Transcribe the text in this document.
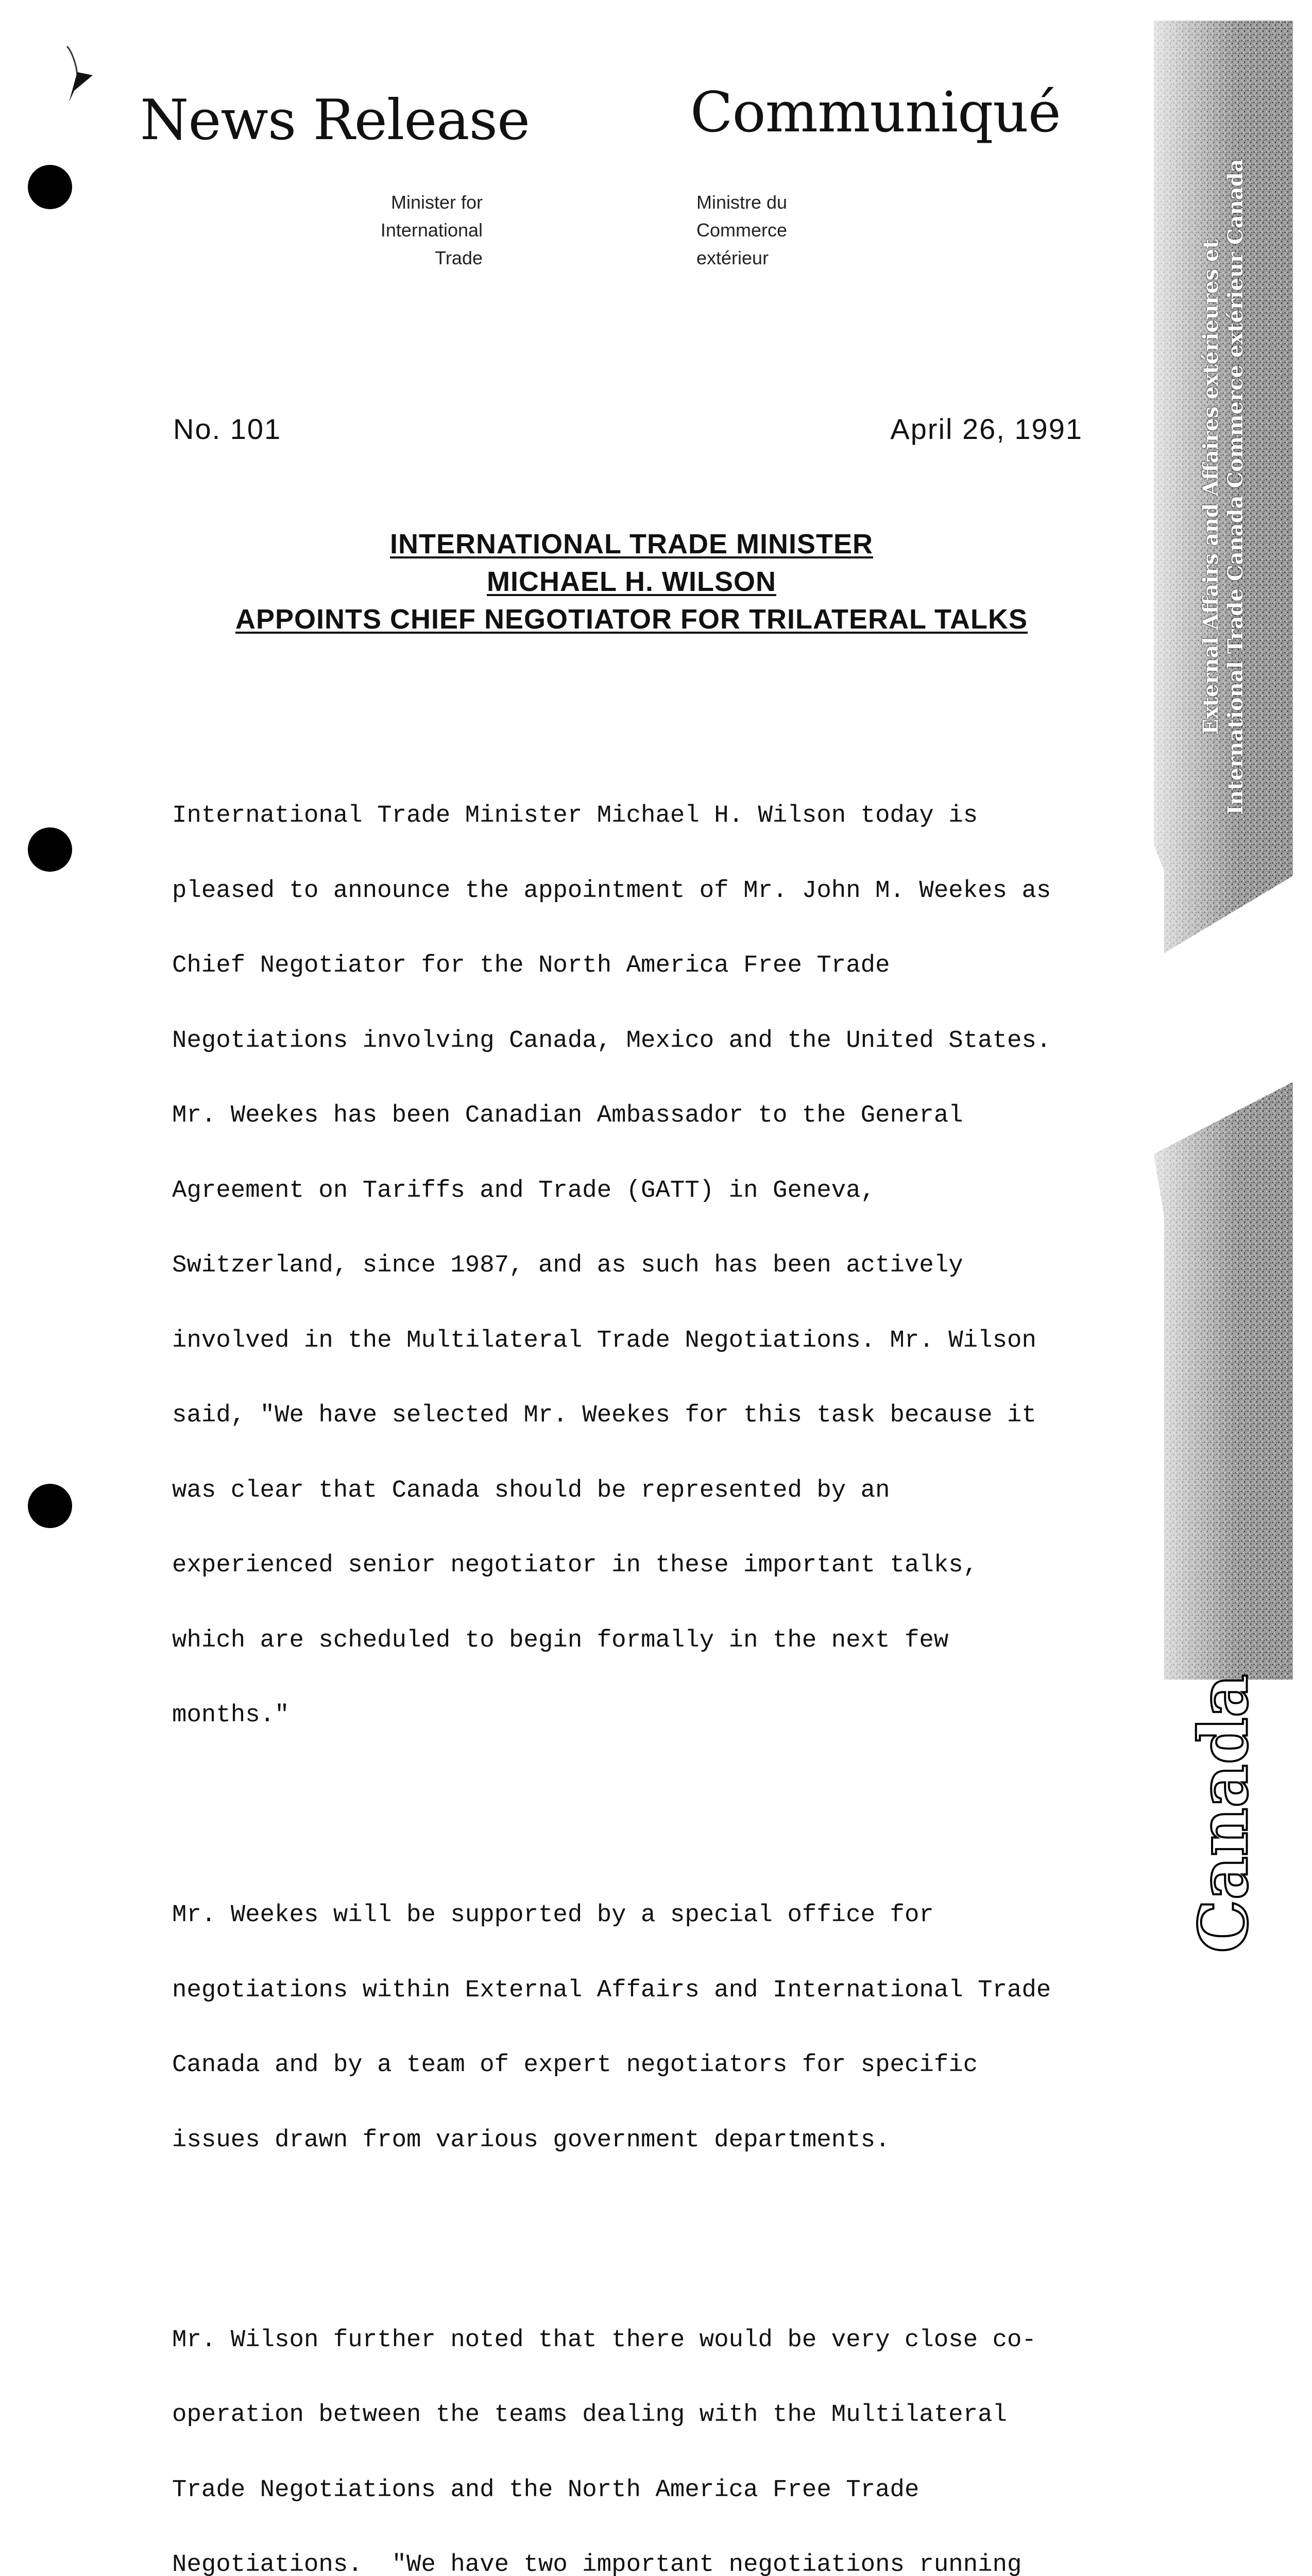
News Release	Communiqué
Minister for
International
Trade
Ministre du
Commerce
extérieur
No. 101	April 26, 1991
INTERNATIONAL TRADE MINISTER
MICHAEL H. WILSON
APPOINTS CHIEF NEGOTIATOR FOR TRILATERAL TALKS

International Trade Minister Michael H. Wilson today is

pleased to announce the appointment of Mr. John M. Weekes as

Chief Negotiator for the North America Free Trade

Negotiations involving Canada, Mexico and the United States.

Mr. Weekes has been Canadian Ambassador to the General

Agreement on Tariffs and Trade (GATT) in Geneva,

Switzerland, since 1987, and as such has been actively

involved in the Multilateral Trade Negotiations. Mr. Wilson

said, "We have selected Mr. Weekes for this task because it

was clear that Canada should be represented by an

experienced senior negotiator in these important talks,

which are scheduled to begin formally in the next few

months."

Mr. Weekes will be supported by a special office for

negotiations within External Affairs and International Trade

Canada and by a team of expert negotiators for specific

issues drawn from various government departments.

Mr. Wilson further noted that there would be very close co-

operation between the teams dealing with the Multilateral

Trade Negotiations and the North America Free Trade

Negotiations.  "We have two important negotiations running

External Affairs and Affaires extérieures et International Trade Canada Commerce extérieur Canada
Canada
